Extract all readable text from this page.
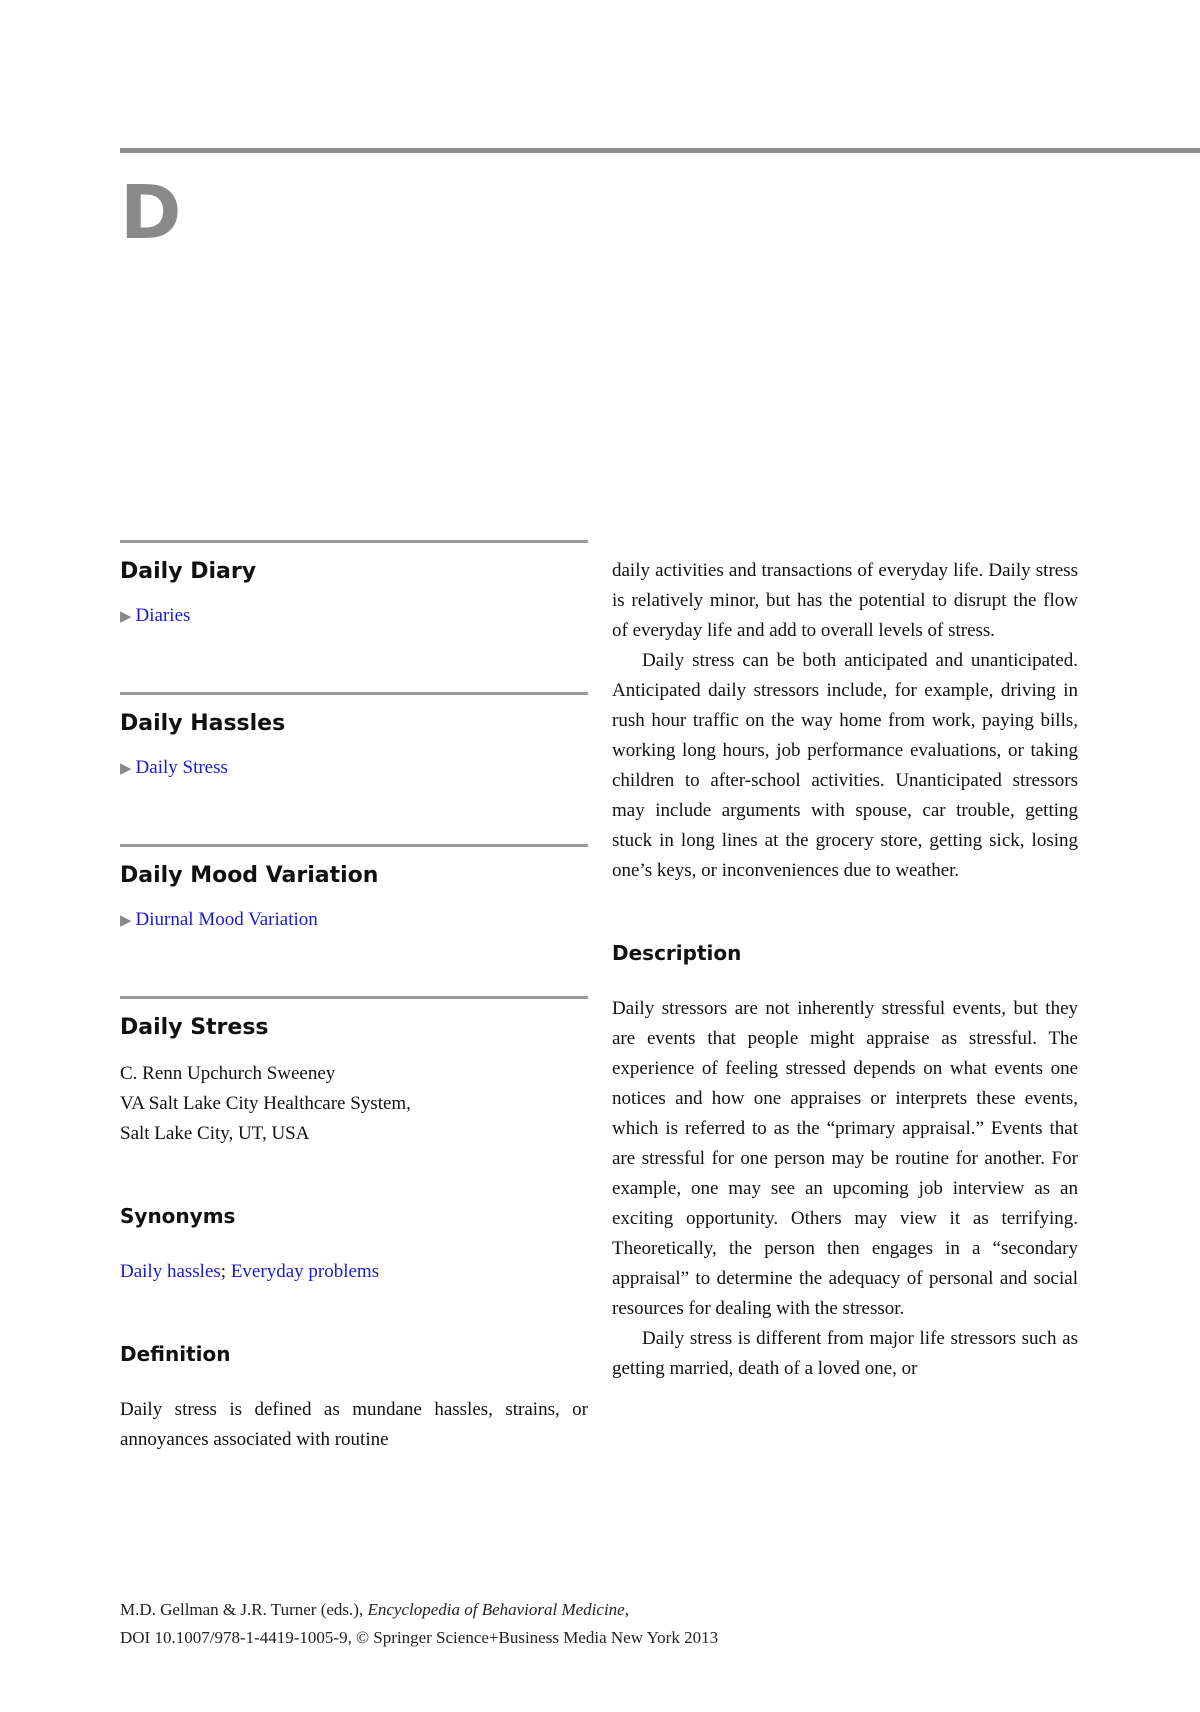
D
Daily Diary
▶ Diaries
Daily Hassles
▶ Daily Stress
Daily Mood Variation
▶ Diurnal Mood Variation
Daily Stress
C. Renn Upchurch Sweeney
VA Salt Lake City Healthcare System,
Salt Lake City, UT, USA
Synonyms
Daily hassles; Everyday problems
Definition

Daily stress is defined as mundane hassles, strains, or annoyances associated with routine

daily activities and transactions of everyday life. Daily stress is relatively minor, but has the potential to disrupt the flow of everyday life and add to overall levels of stress.

Daily stress can be both anticipated and unanticipated. Anticipated daily stressors include, for example, driving in rush hour traffic on the way home from work, paying bills, working long hours, job performance evaluations, or taking children to after-school activities. Unanticipated stressors may include arguments with spouse, car trouble, getting stuck in long lines at the grocery store, getting sick, losing one’s keys, or inconveniences due to weather.

Description

Daily stressors are not inherently stressful events, but they are events that people might appraise as stressful. The experience of feeling stressed depends on what events one notices and how one appraises or interprets these events, which is referred to as the “primary appraisal.” Events that are stressful for one person may be routine for another. For example, one may see an upcoming job interview as an exciting opportunity. Others may view it as terrifying. Theoretically, the person then engages in a “secondary appraisal” to determine the adequacy of personal and social resources for dealing with the stressor.

Daily stress is different from major life stressors such as getting married, death of a loved one, or

M.D. Gellman & J.R. Turner (eds.), Encyclopedia of Behavioral Medicine,
DOI 10.1007/978-1-4419-1005-9, © Springer Science+Business Media New York 2013
